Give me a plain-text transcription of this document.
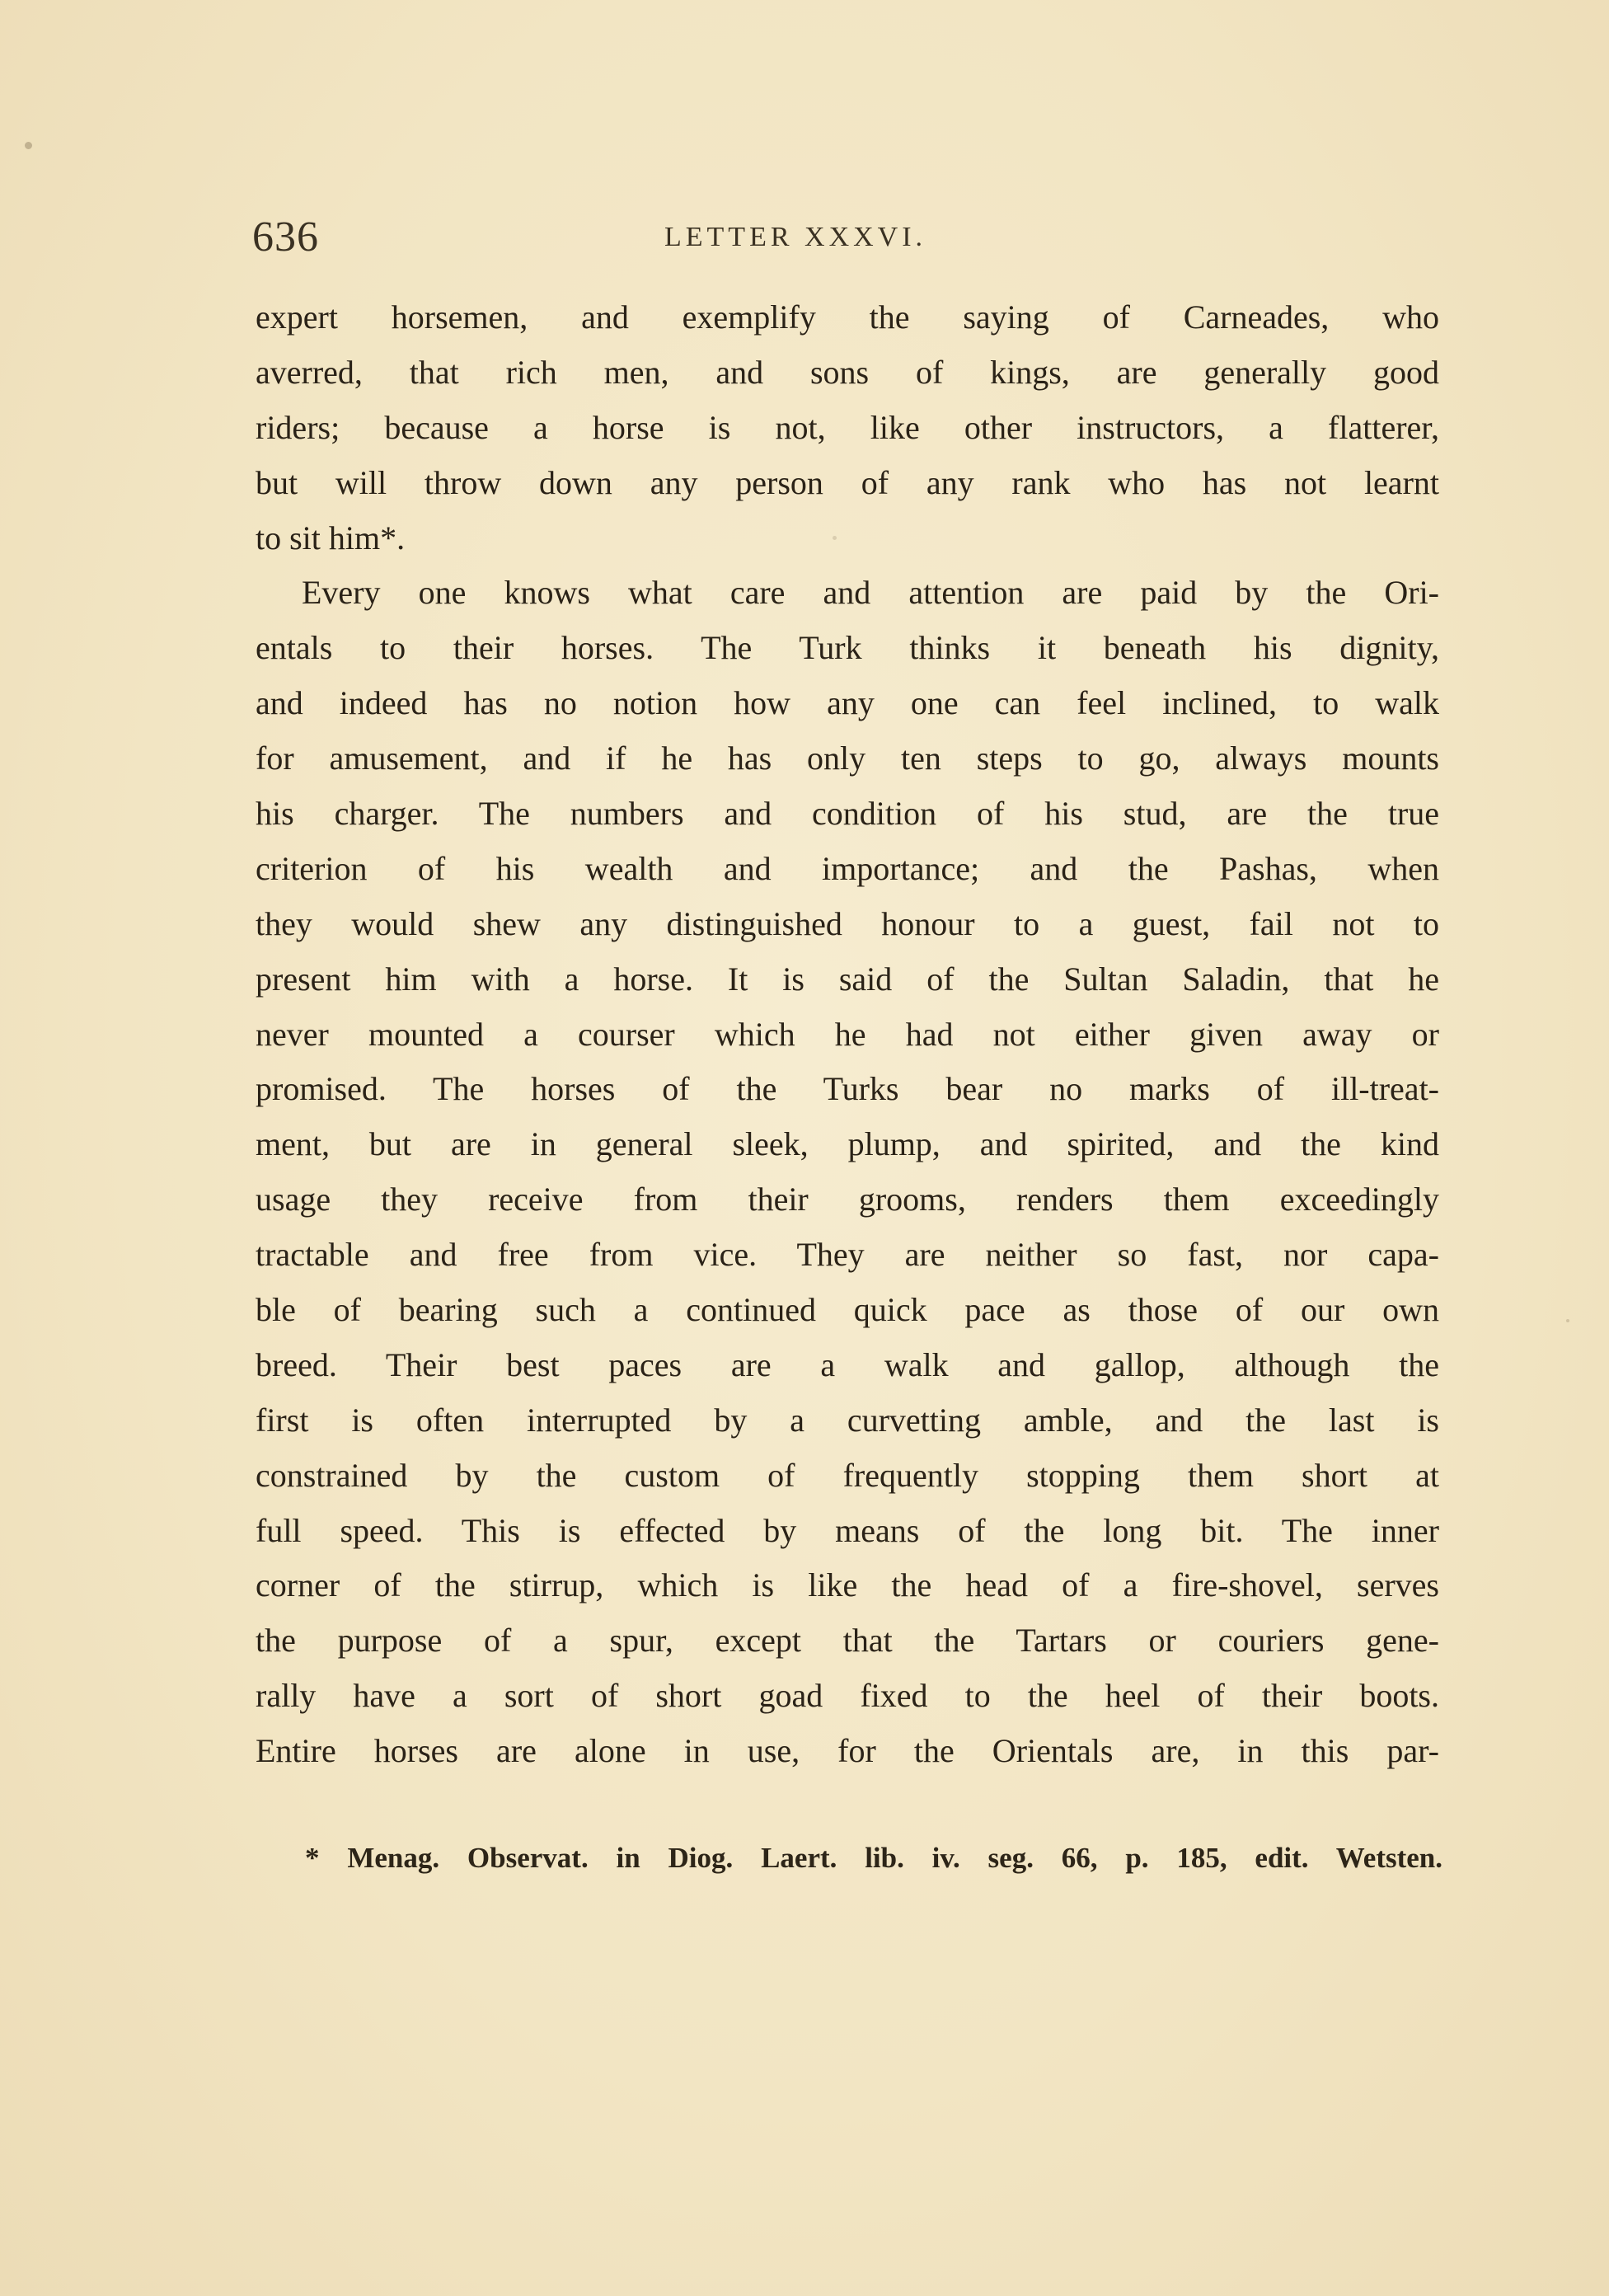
636	LETTER XXXVI.
expert horsemen, and exemplify the saying of Carneades, who
averred, that rich men, and sons of kings, are generally good
riders; because a horse is not, like other instructors, a flatterer,
but will throw down any person of any rank who has not learnt
to sit him*.
Every one knows what care and attention are paid by the Ori-
entals to their horses. The Turk thinks it beneath his dignity,
and indeed has no notion how any one can feel inclined, to walk
for amusement, and if he has only ten steps to go, always mounts
his charger. The numbers and condition of his stud, are the true
criterion of his wealth and importance; and the Pashas, when
they would shew any distinguished honour to a guest, fail not to
present him with a horse. It is said of the Sultan Saladin, that he
never mounted a courser which he had not either given away or
promised. The horses of the Turks bear no marks of ill-treat-
ment, but are in general sleek, plump, and spirited, and the kind
usage they receive from their grooms, renders them exceedingly
tractable and free from vice. They are neither so fast, nor capa-
ble of bearing such a continued quick pace as those of our own
breed. Their best paces are a walk and gallop, although the
first is often interrupted by a curvetting amble, and the last is
constrained by the custom of frequently stopping them short at
full speed. This is effected by means of the long bit. The inner
corner of the stirrup, which is like the head of a fire-shovel, serves
the purpose of a spur, except that the Tartars or couriers gene-
rally have a sort of short goad fixed to the heel of their boots.
Entire horses are alone in use, for the Orientals are, in this par-
* Menag. Observat. in Diog. Laert. lib. iv. seg. 66, p. 185, edit. Wetsten.
